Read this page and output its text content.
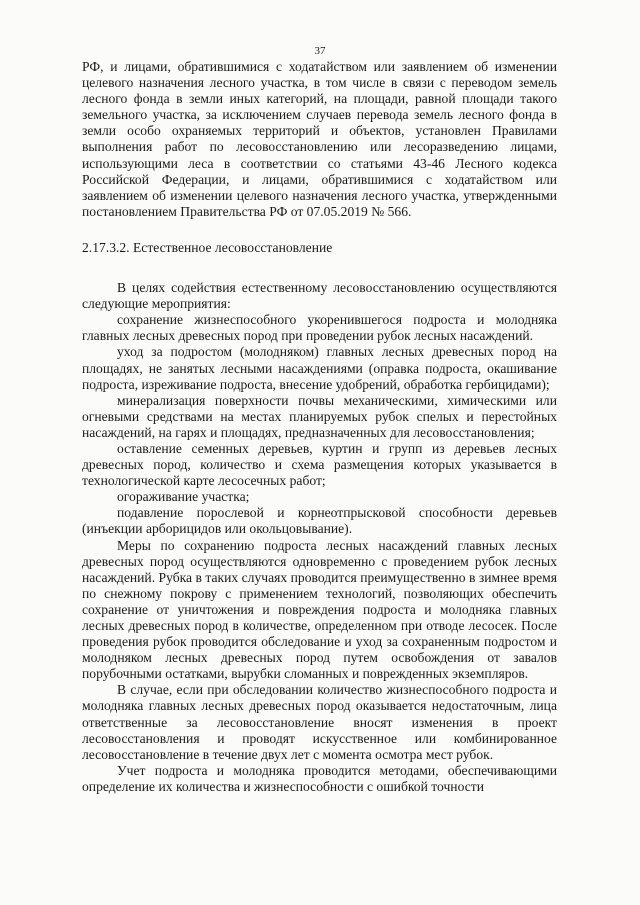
37

РФ, и лицами, обратившимися с ходатайством или заявлением об изменении целевого назначения лесного участка, в том числе в связи с переводом земель лесного фонда в земли иных категорий, на площади, равной площади такого земельного участка, за исключением случаев перевода земель лесного фонда в земли особо охраняемых территорий и объектов, установлен Правилами выполнения работ по лесовосстановлению или лесоразведению лицами, использующими леса в соответствии со статьями 43-46 Лесного кодекса Российской Федерации, и лицами, обратившимися с ходатайством или заявлением об изменении целевого назначения лесного участка, утвержденными постановлением Правительства РФ от 07.05.2019 № 566.

2.17.3.2. Естественное лесовосстановление

В целях содействия естественному лесовосстановлению осуществляются следующие мероприятия:

сохранение жизнеспособного укоренившегося подроста и молодняка главных лесных древесных пород при проведении рубок лесных насаждений.

уход за подростом (молодняком) главных лесных древесных пород на площадях, не занятых лесными насаждениями (оправка подроста, окашивание подроста, изреживание подроста, внесение удобрений, обработка гербицидами);

минерализация поверхности почвы механическими, химическими или огневыми средствами на местах планируемых рубок спелых и перестойных насаждений, на гарях и площадях, предназначенных для лесовосстановления;

оставление семенных деревьев, куртин и групп из деревьев лесных древесных пород, количество и схема размещения которых указывается в технологической карте лесосечных работ;

огораживание участка;

подавление порослевой и корнеотпрысковой способности деревьев (инъекции арборицидов или окольцовывание).

Меры по сохранению подроста лесных насаждений главных лесных древесных пород осуществляются одновременно с проведением рубок лесных насаждений. Рубка в таких случаях проводится преимущественно в зимнее время по снежному покрову с применением технологий, позволяющих обеспечить сохранение от уничтожения и повреждения подроста и молодняка главных лесных древесных пород в количестве, определенном при отводе лесосек. После проведения рубок проводится обследование и уход за сохраненным подростом и молодняком лесных древесных пород путем освобождения от завалов порубочными остатками, вырубки сломанных и поврежденных экземпляров.

В случае, если при обследовании количество жизнеспособного подроста и молодняка главных лесных древесных пород оказывается недостаточным, лица ответственные за лесовосстановление вносят изменения в проект лесовосстановления и проводят искусственное или комбинированное лесовосстановление в течение двух лет с момента осмотра мест рубок.

Учет подроста и молодняка проводится методами, обеспечивающими определение их количества и жизнеспособности с ошибкой точности
